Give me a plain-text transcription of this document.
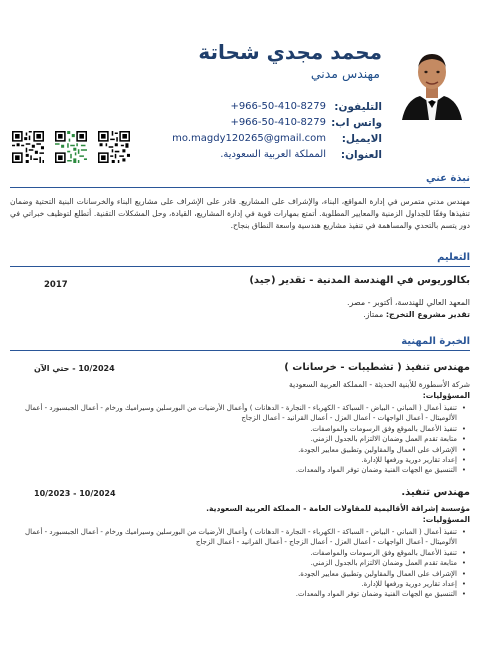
محمد مجدي شحاتة
مهندس مدني
التليفون:
+966-50-410-8279
واتس اب:
+966-50-410-8279
الايميل:
mo.magdy120265@gmail.com
العنوان:
المملكة العربية السعودية.
نبذة عني
مهندس مدني متمرس في إدارة المواقع، البناء، والإشراف على المشاريع. قادر على الإشراف على مشاريع البناء والخرسانات البنية التحتية وضمان تنفيذها وفقًا للجداول الزمنية والمعايير المطلوبة. أتمتع بمهارات قوية في إدارة المشاريع، القيادة، وحل المشكلات التقنية. أتطلع لتوظيف خبراتي في دور يتسم بالتحدي والمساهمة في تنفيذ مشاريع هندسية واسعة النطاق بنجاح.
التعليم
بكالوريوس في الهندسة المدنية - تقدير (جيد)
2017
المعهد العالي للهندسة، أكتوبر - مصر.
تقدير مشروع التخرج: ممتاز.
الخبرة المهنية
مهندس تنفيذ ( تشطيبات - خرسانات )
10/2024 - حتي الآن
شركة الأسطورة للأبنية الحديثة - المملكة العربية السعودية
المسؤوليات:
• تنفيذ أعمال ( المباني - البياض - السباكة - الكهرباء - النجارة - الدهانات ) وأعمال الأرضيات من البورسلين وسيراميك ورخام - أعمال الجبسبورد - أعمال الألوميتال - أعمال الواجهات - أعمال العزل - أعمال القرانيد - أعمال الزجاج
• تنفيذ الأعمال بالموقع وفق الرسومات والمواصفات.
• متابعة تقدم العمل وضمان الالتزام بالجدول الزمني.
• الإشراف على العمال والمقاولين وتطبيق معايير الجودة.
• إعداد تقارير دورية ورفعها للإدارة.
• التنسيق مع الجهات الفنية وضمان توفر المواد والمعدات.
مهندس تنفيذ.
10/2024 - 10/2023
مؤسسة إشراقة الأقاليمية للمقاولات العامة - المملكة العربية السعودية.
المسؤوليات:
• تنفيذ أعمال ( المباني - البياض - السباكة - الكهرباء - النجارة - الدهانات ) وأعمال الأرضيات من البورسلين وسيراميك ورخام - أعمال الجبسبورد - أعمال الألوميتال - أعمال الواجهات - أعمال العزل - أعمال الزجاج - أعمال القرانيد - أعمال الزجاج
• تنفيذ الأعمال بالموقع وفق الرسومات والمواصفات.
• متابعة تقدم العمل وضمان الالتزام بالجدول الزمني.
• الإشراف على العمال والمقاولين وتطبيق معايير الجودة.
• إعداد تقارير دورية ورفعها للإدارة.
• التنسيق مع الجهات الفنية وضمان توفر المواد والمعدات.
